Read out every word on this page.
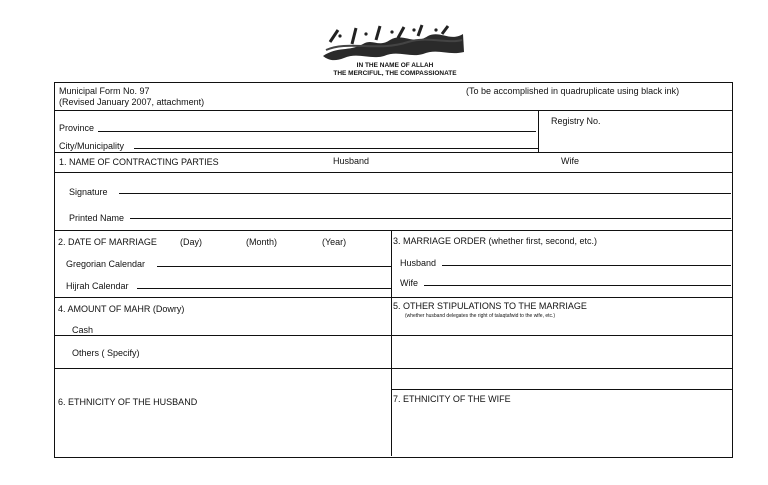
IN THE NAME OF ALLAH
THE MERCIFUL, THE COMPASSIONATE
Municipal Form No. 97
(Revised January 2007, attachment)
(To be accomplished in quadruplicate using black ink)
Registry No.
Province
City/Municipality
1. NAME OF CONTRACTING PARTIES	Husband	Wife
Signature
Printed Name
2. DATE OF MARRIAGE	(Day)	(Month)	(Year)
Gregorian Calendar
Hijrah Calendar
3. MARRIAGE ORDER (whether first, second, etc.)
Husband
Wife
4. AMOUNT OF MAHR (Dowry)
Cash
Others ( Specify)
5. OTHER STIPULATIONS TO THE MARRIAGE
(whether husband delegates the right of talaqtafwid to the wife, etc.)
6. ETHNICITY OF THE HUSBAND	7. ETHNICITY OF THE WIFE
